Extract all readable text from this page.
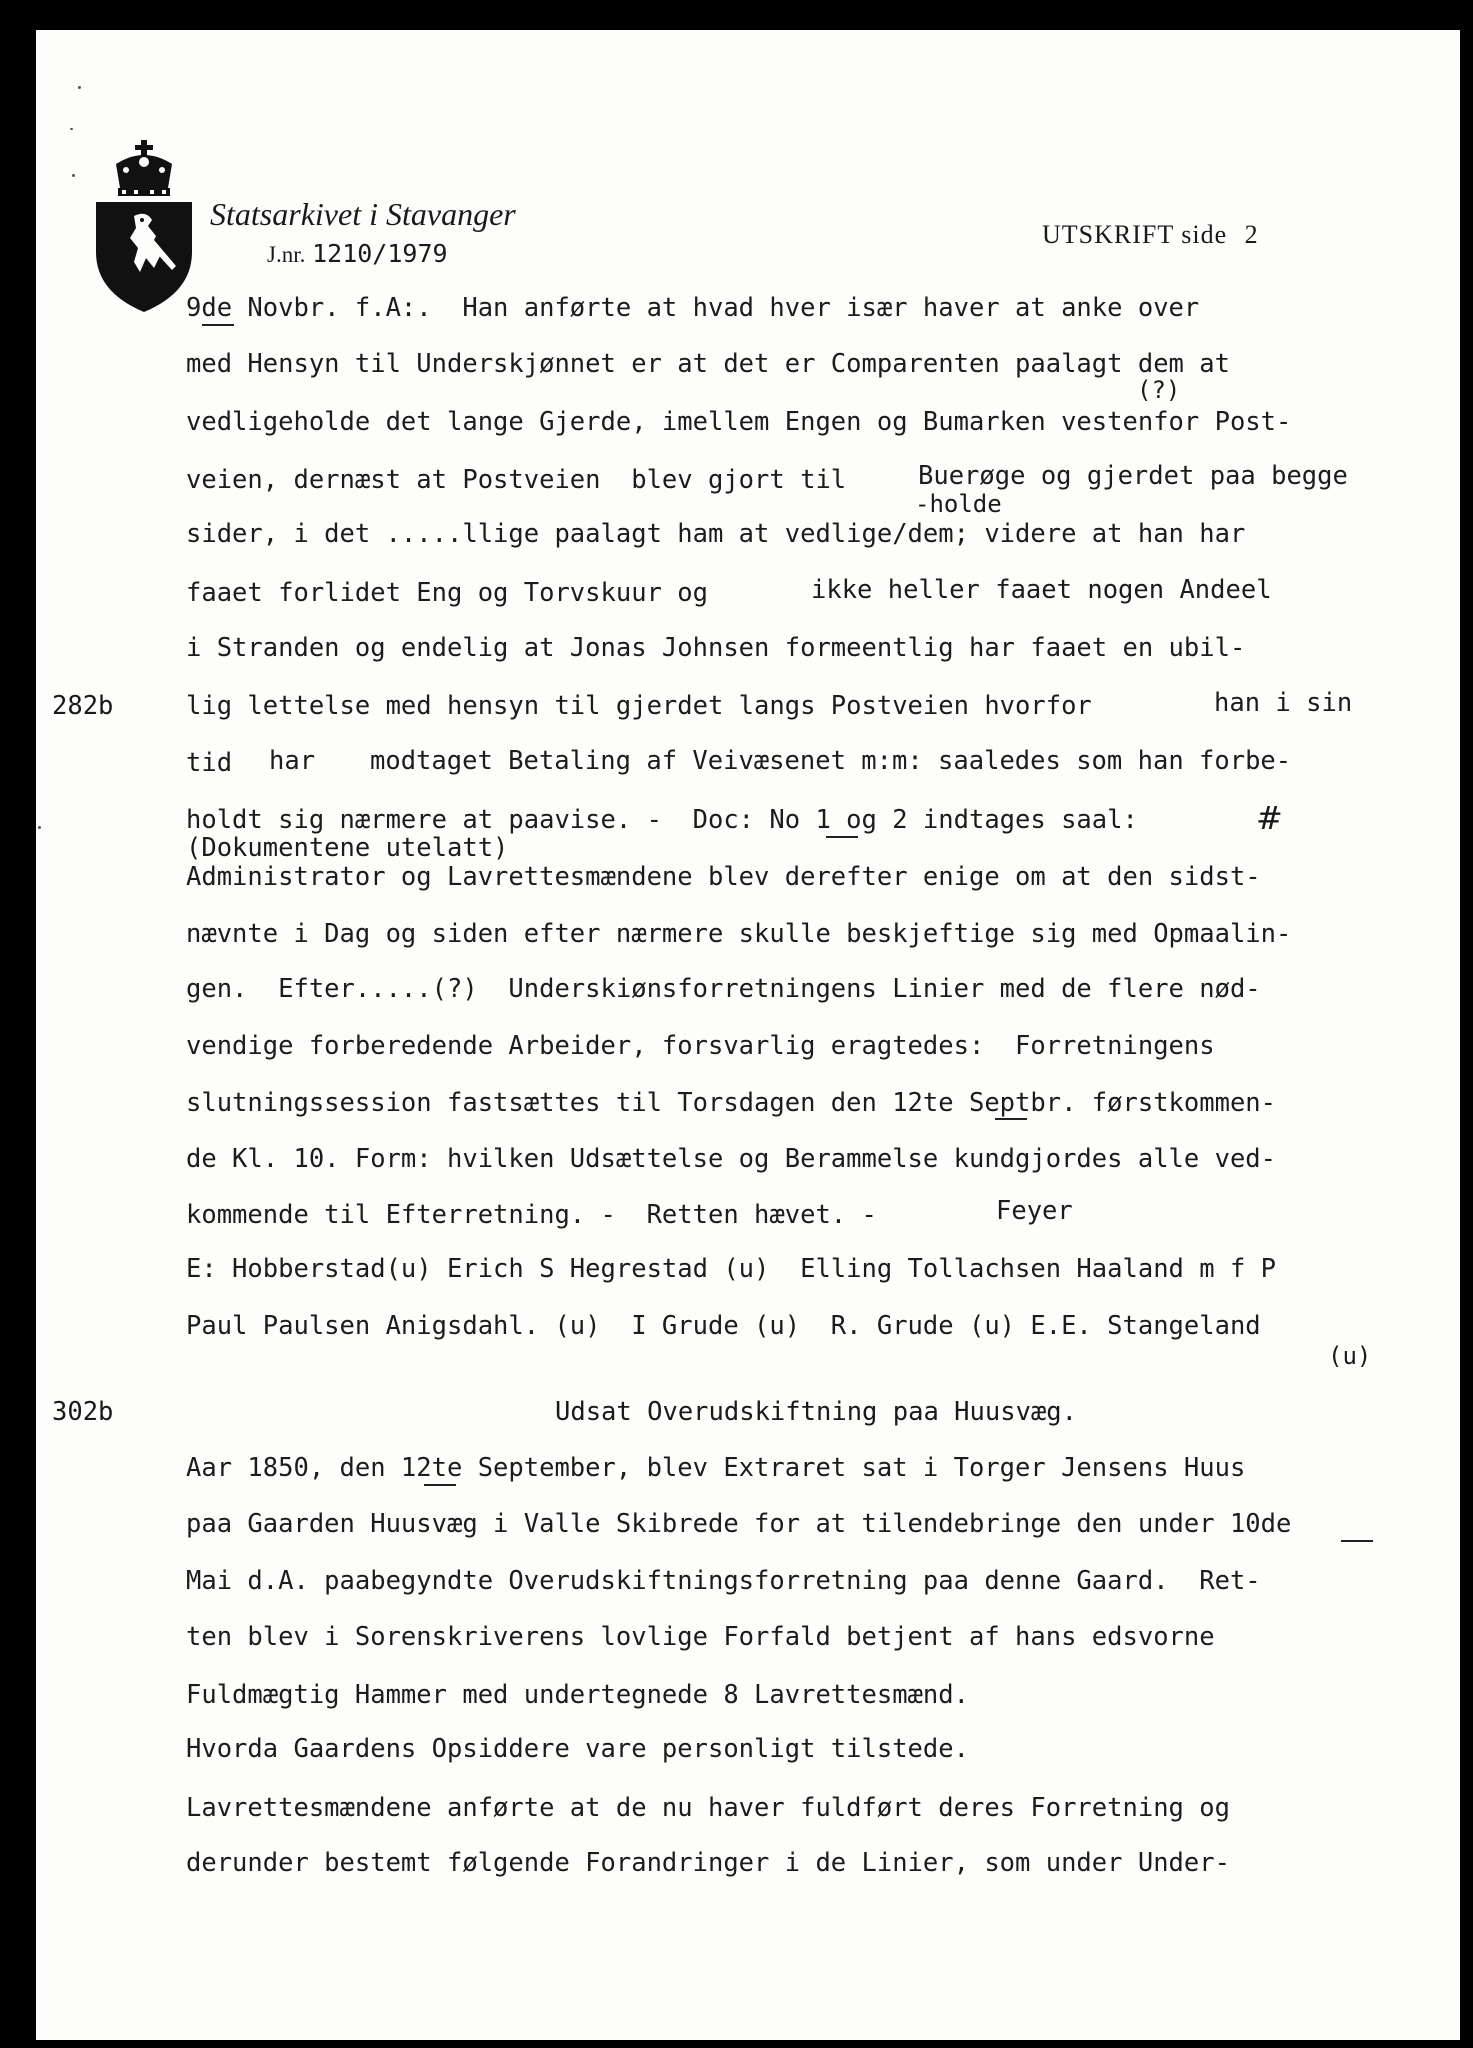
Statsarkivet i Stavanger
J.nr. 1210/1979
UTSKRIFT side 2
282b
302b
9de Novbr. f.A:.  Han anførte at hvad hver især haver at anke over
med Hensyn til Underskjønnet er at det er Comparenten paalagt dem at
(?)
vedligeholde det lange Gjerde, imellem Engen og Bumarken vestenfor Post-
veien, dernæst at Postveien  blev gjort til	Buerøge og gjerdet paa begge
-holde
sider, i det .....llige paalagt ham at vedlige/dem; videre at han har
faaet forlidet Eng og Torvskuur og	ikke heller faaet nogen Andeel
i Stranden og endelig at Jonas Johnsen formeentlig har faaet en ubil-
lig lettelse med hensyn til gjerdet langs Postveien hvorfor	han i sin
tid har modtaget Betaling af Veivæsenet m:m: saaledes som han forbe-
holdt sig nærmere at paavise. -  Doc: No 1 og 2 indtages saal:	#
(Dokumentene utelatt)
Administrator og Lavrettesmændene blev derefter enige om at den sidst-
nævnte i Dag og siden efter nærmere skulle beskjeftige sig med Opmaalin-
gen.  Efter.....(?)  Underskiønsforretningens Linier med de flere nød-
vendige forberedende Arbeider, forsvarlig eragtedes:  Forretningens
slutningssession fastsættes til Torsdagen den 12te Septbr. førstkommen-
de Kl. 10. Form: hvilken Udsættelse og Berammelse kundgjordes alle ved-
kommende til Efterretning. -  Retten hævet. -	Feyer
E: Hobberstad(u) Erich S Hegrestad (u)  Elling Tollachsen Haaland m f P
Paul Paulsen Anigsdahl. (u)  I Grude (u)  R. Grude (u) E.E. Stangeland
(u)
Udsat Overudskiftning paa Huusvæg.
Aar 1850, den 12te September, blev Extraret sat i Torger Jensens Huus
paa Gaarden Huusvæg i Valle Skibrede for at tilendebringe den under 10de
Mai d.A. paabegyndte Overudskiftningsforretning paa denne Gaard.  Ret-
ten blev i Sorenskriverens lovlige Forfald betjent af hans edsvorne
Fuldmægtig Hammer med undertegnede 8 Lavrettesmænd.
Hvorda Gaardens Opsiddere vare personligt tilstede.
Lavrettesmændene anførte at de nu haver fuldført deres Forretning og
derunder bestemt følgende Forandringer i de Linier, som under Under-
